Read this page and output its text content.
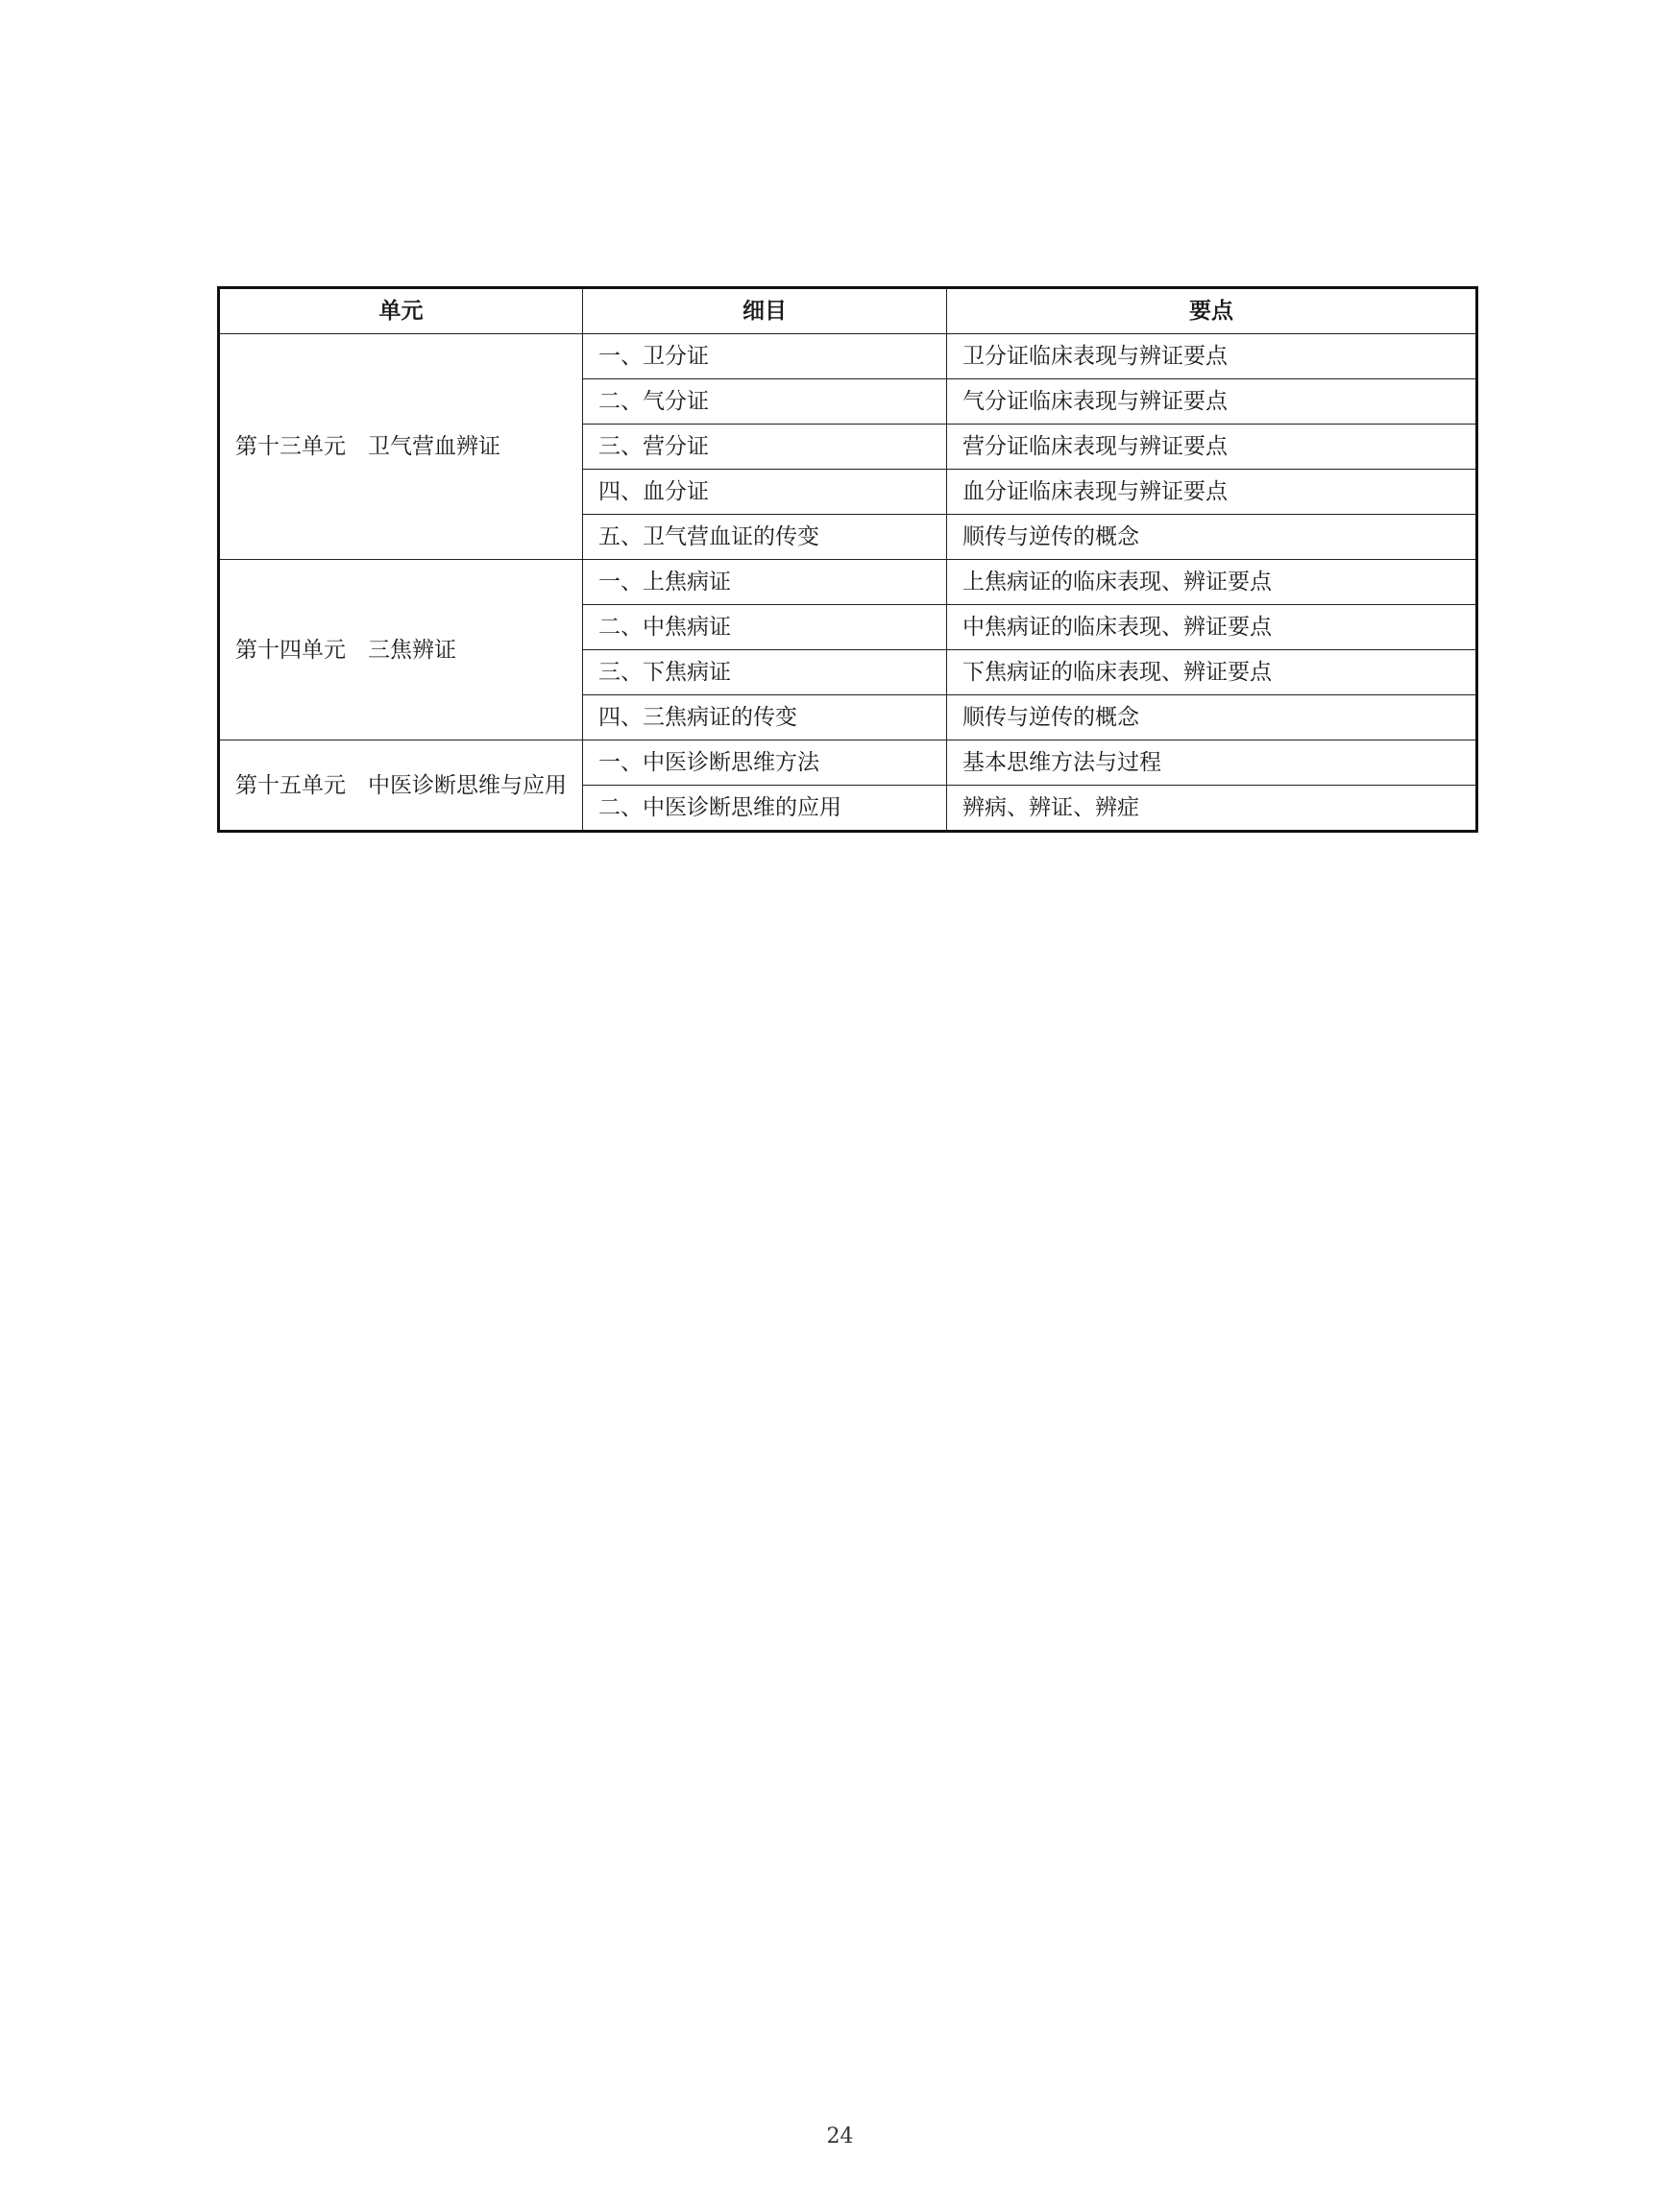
单元	细目	要点
第十三单元　卫气营血辨证	一、卫分证	卫分证临床表现与辨证要点
	二、气分证	气分证临床表现与辨证要点
	三、营分证	营分证临床表现与辨证要点
	四、血分证	血分证临床表现与辨证要点
	五、卫气营血证的传变	顺传与逆传的概念
第十四单元　三焦辨证	一、上焦病证	上焦病证的临床表现、辨证要点
	二、中焦病证	中焦病证的临床表现、辨证要点
	三、下焦病证	下焦病证的临床表现、辨证要点
	四、三焦病证的传变	顺传与逆传的概念
第十五单元　中医诊断思维与应用	一、中医诊断思维方法	基本思维方法与过程
	二、中医诊断思维的应用	辨病、辨证、辨症
24
